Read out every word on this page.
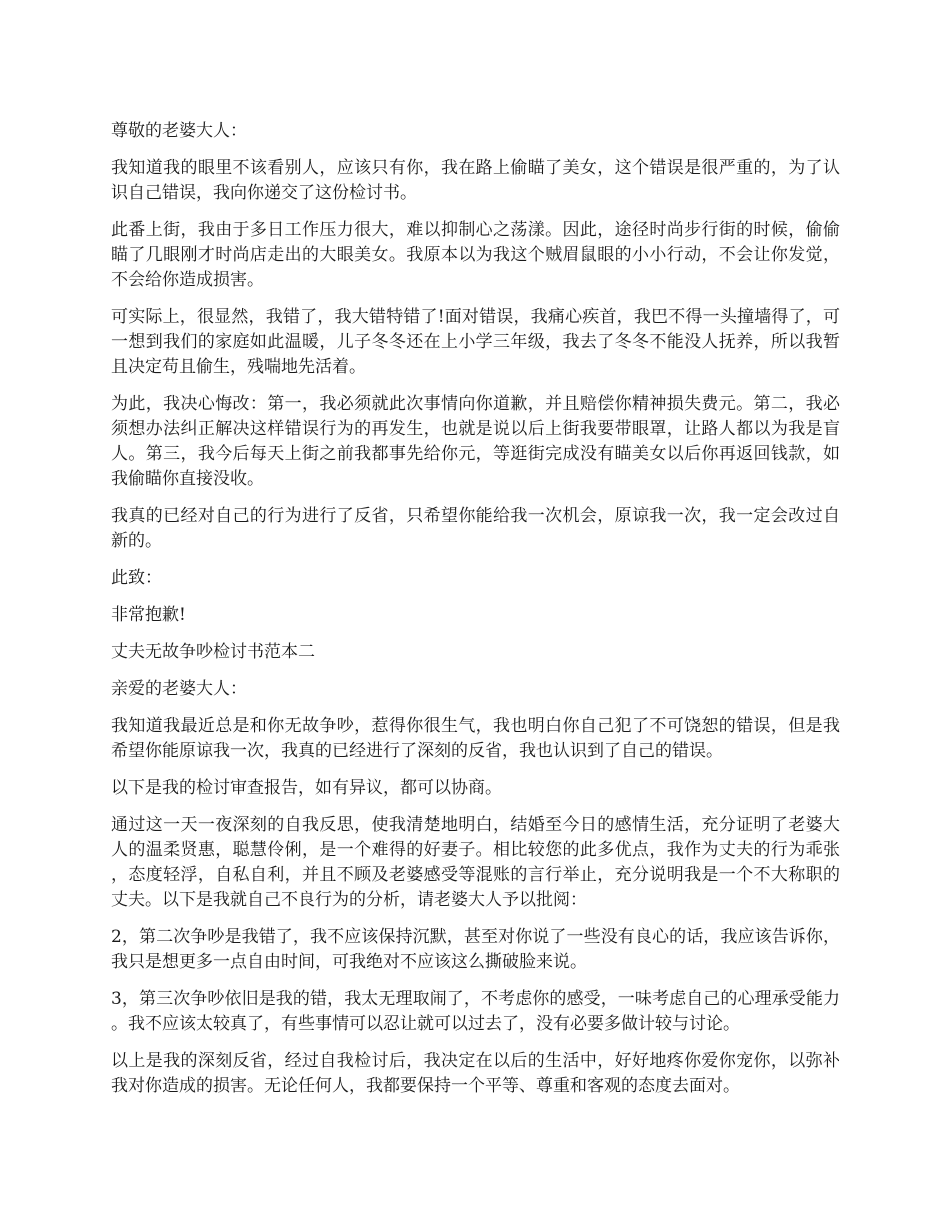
尊敬的老婆大人：

我知道我的眼里不该看别人，应该只有你，我在路上偷瞄了美女，这个错误是很严重的，为了认识自己错误，我向你递交了这份检讨书。

此番上街，我由于多日工作压力很大，难以抑制心之荡漾。因此，途径时尚步行街的时候，偷偷瞄了几眼刚才时尚店走出的大眼美女。我原本以为我这个贼眉鼠眼的小小行动，不会让你发觉，不会给你造成损害。

可实际上，很显然，我错了，我大错特错了!面对错误，我痛心疾首，我巴不得一头撞墙得了，可一想到我们的家庭如此温暖，儿子冬冬还在上小学三年级，我去了冬冬不能没人抚养，所以我暂且决定苟且偷生，残喘地先活着。

为此，我决心悔改：第一，我必须就此次事情向你道歉，并且赔偿你精神损失费元。第二，我必须想办法纠正解决这样错误行为的再发生，也就是说以后上街我要带眼罩，让路人都以为我是盲人。第三，我今后每天上街之前我都事先给你元，等逛街完成没有瞄美女以后你再返回钱款，如我偷瞄你直接没收。

我真的已经对自己的行为进行了反省，只希望你能给我一次机会，原谅我一次，我一定会改过自新的。

此致：

非常抱歉!

丈夫无故争吵检讨书范本二

亲爱的老婆大人：

我知道我最近总是和你无故争吵，惹得你很生气，我也明白你自己犯了不可饶恕的错误，但是我希望你能原谅我一次，我真的已经进行了深刻的反省，我也认识到了自己的错误。

以下是我的检讨审查报告，如有异议，都可以协商。

通过这一天一夜深刻的自我反思，使我清楚地明白，结婚至今日的感情生活，充分证明了老婆大人的温柔贤惠，聪慧伶俐，是一个难得的好妻子。相比较您的此多优点，我作为丈夫的行为乖张，态度轻浮，自私自利，并且不顾及老婆感受等混账的言行举止，充分说明我是一个不大称职的丈夫。以下是我就自己不良行为的分析，请老婆大人予以批阅：

2，第二次争吵是我错了，我不应该保持沉默，甚至对你说了一些没有良心的话，我应该告诉你，我只是想更多一点自由时间，可我绝对不应该这么撕破脸来说。

3，第三次争吵依旧是我的错，我太无理取闹了，不考虑你的感受，一味考虑自己的心理承受能力。我不应该太较真了，有些事情可以忍让就可以过去了，没有必要多做计较与讨论。

以上是我的深刻反省，经过自我检讨后，我决定在以后的生活中，好好地疼你爱你宠你，以弥补我对你造成的损害。无论任何人，我都要保持一个平等、尊重和客观的态度去面对。
